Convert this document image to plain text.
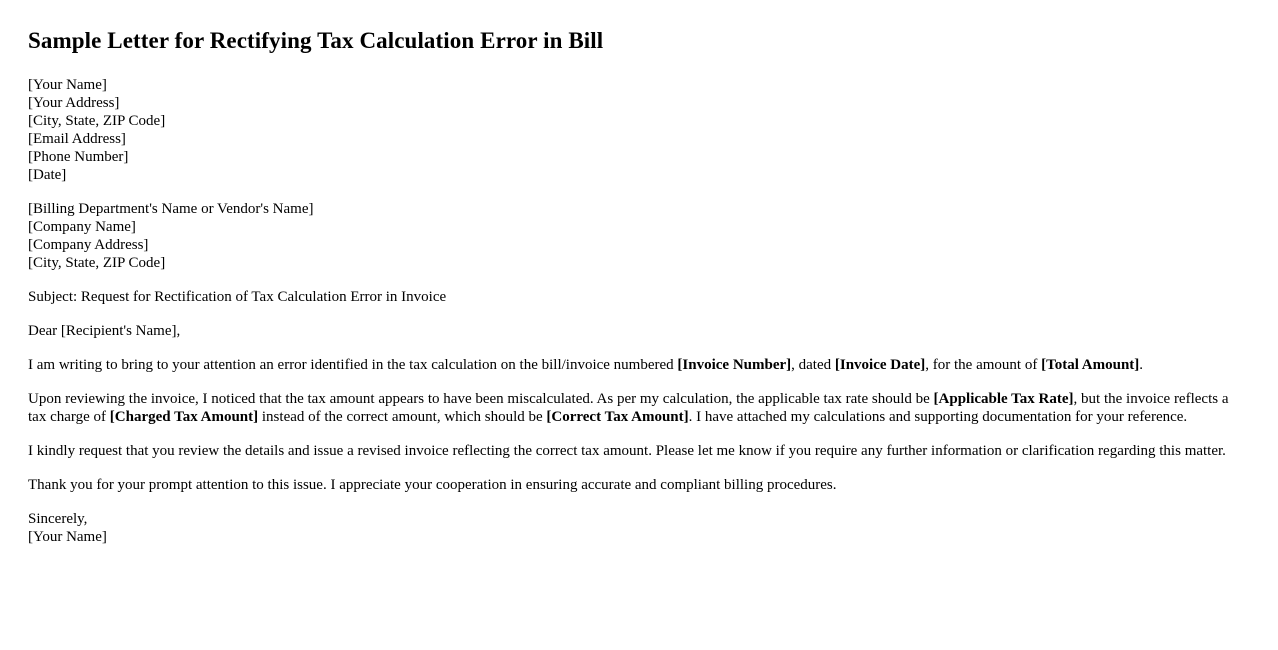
Sample Letter for Rectifying Tax Calculation Error in Bill
[Your Name]
[Your Address]
[City, State, ZIP Code]
[Email Address]
[Phone Number]
[Date]
[Billing Department's Name or Vendor's Name]
[Company Name]
[Company Address]
[City, State, ZIP Code]

Subject: Request for Rectification of Tax Calculation Error in Invoice

Dear [Recipient's Name],

I am writing to bring to your attention an error identified in the tax calculation on the bill/invoice numbered [Invoice Number], dated [Invoice Date], for the amount of [Total Amount].

Upon reviewing the invoice, I noticed that the tax amount appears to have been miscalculated. As per my calculation, the applicable tax rate should be [Applicable Tax Rate], but the invoice reflects a tax charge of [Charged Tax Amount] instead of the correct amount, which should be [Correct Tax Amount]. I have attached my calculations and supporting documentation for your reference.

I kindly request that you review the details and issue a revised invoice reflecting the correct tax amount. Please let me know if you require any further information or clarification regarding this matter.

Thank you for your prompt attention to this issue. I appreciate your cooperation in ensuring accurate and compliant billing procedures.

Sincerely,
[Your Name]
